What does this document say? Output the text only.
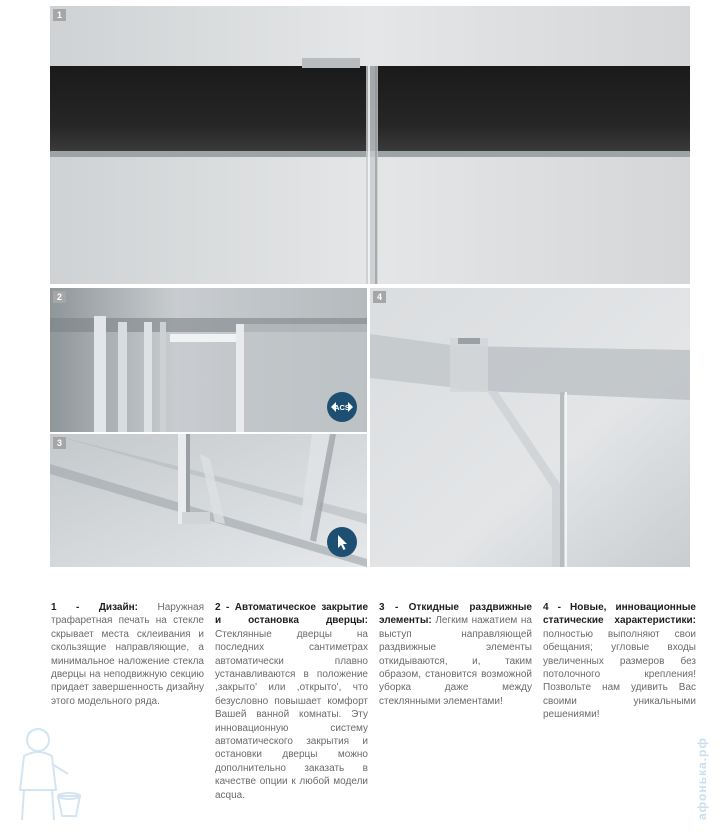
1
2
ACS
3
4
1 - Дизайн: Наружная трафаретная печать на стекле скрывает места склеивания и скользящие направляющие, а минимальное наложение стекла дверцы на неподвижную секцию придает завершенность дизайну этого модельного ряда.
2 - Автоматическое закрытие и остановка дверцы: Стеклянные дверцы на последних сантиметрах автоматически плавно устанавливаются в положение ,закрыто' или ,открыто', что безусловно повышает комфорт Вашей ванной комнаты. Эту инновационную систему автоматического закрытия и остановки дверцы можно дополнительно заказать в качестве опции к любой модели acqua.
3 - Откидные раздвижные элементы: Легким нажатием на выступ направляющей раздвижные элементы откидываются, и, таким образом, становится возможной уборка даже между стеклянными элементами!
4 - Новые, инновационные статические характеристики: полностью выполняют свои обещания; угловые входы увеличенных размеров без потолочного крепления! Позвольте нам удивить Вас своими уникальными решениями!
афонька.рф
